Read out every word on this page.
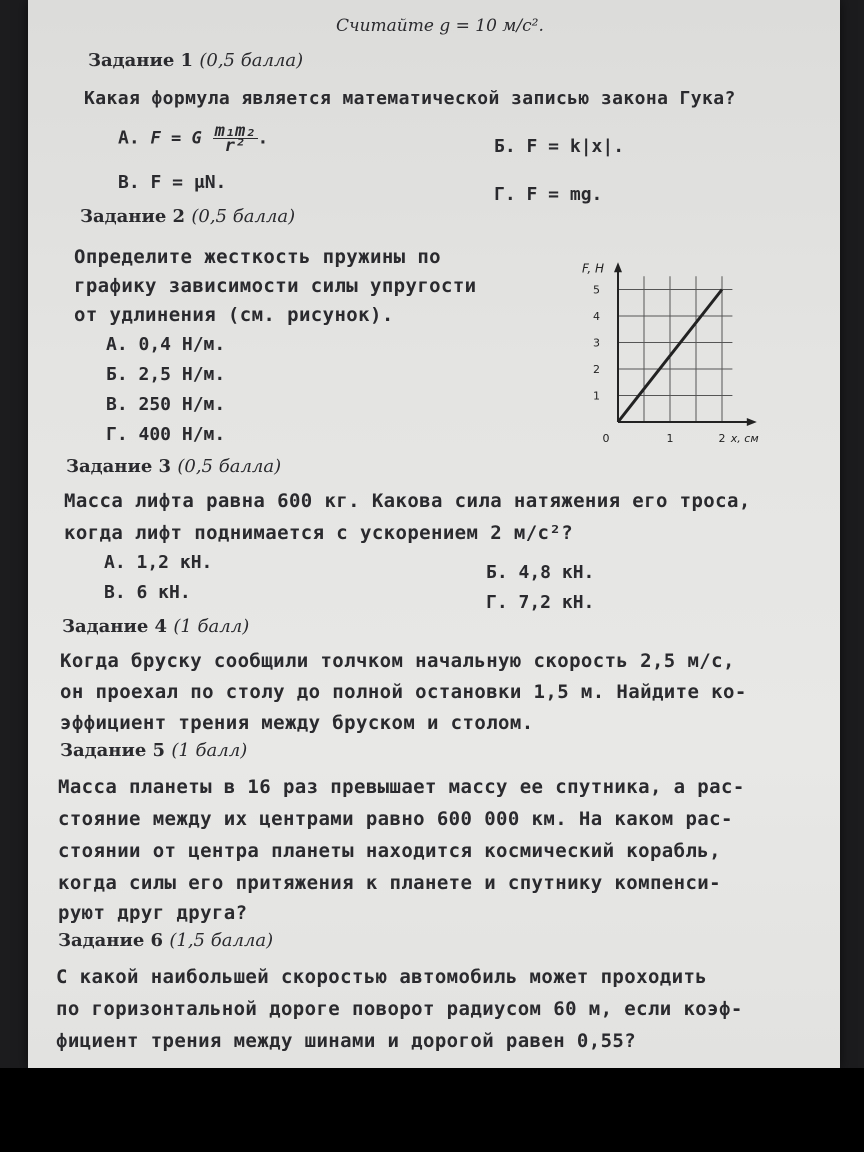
Считайте g = 10 м/с².
Задание 1 (0,5 балла)
Какая формула является математической записью закона Гука?
А. F = G $\frac{\text{m₁m₂}}{\text{r²}}$ .	Б. F = k|x|.
В. F = μN.
Г. F = mg.
Задание 2 (0,5 балла)
Определите жесткость пружины по
графику зависимости силы упругости
от удлинения (см. рисунок).
А. 0,4 Н/м.
Б. 2,5 Н/м.
В. 250 Н/м.
Г. 400 Н/м.
1
2
3
4
5
0	1	2
F, Н
x, см
Задание 3 (0,5 балла)
Масса лифта равна 600 кг. Какова сила натяжения его троса,
когда лифт поднимается с ускорением 2 м/с²?
А. 1,2 кН.	Б. 4,8 кН.
В. 6 кН.	Г. 7,2 кН.
Задание 4 (1 балл)
Когда бруску сообщили толчком начальную скорость 2,5 м/с,
он проехал по столу до полной остановки 1,5 м. Найдите ко-
эффициент трения между бруском и столом.
Задание 5 (1 балл)
Масса планеты в 16 раз превышает массу ее спутника, а рас-
стояние между их центрами равно 600 000 км. На каком рас-
стоянии от центра планеты находится космический корабль,
когда силы его притяжения к планете и спутнику компенси-
руют друг друга?
Задание 6 (1,5 балла)
С какой наибольшей скоростью автомобиль может проходить
по горизонтальной дороге поворот радиусом 60 м, если коэф-
фициент трения между шинами и дорогой равен 0,55?
